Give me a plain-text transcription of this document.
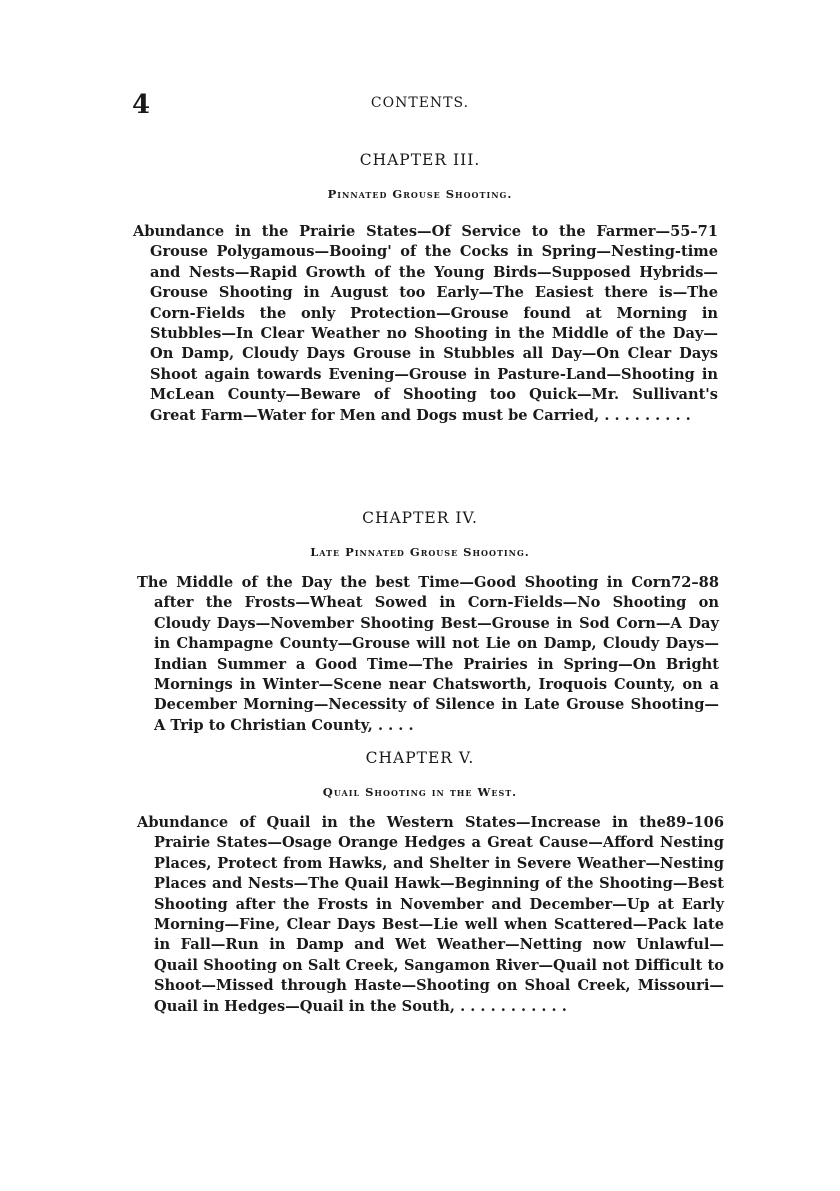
4	CONTENTS.

CHAPTER III.

Pinnated Grouse Shooting.

55–71
Abundance in the Prairie States—Of Service to the Farmer—Grouse Polygamous—Booing' of the Cocks in Spring—Nesting-time and Nests—Rapid Growth of the Young Birds—Supposed Hybrids—Grouse Shooting in August too Early—The Easiest there is—The Corn-Fields the only Protection—Grouse found at Morning in Stubbles—In Clear Weather no Shooting in the Middle of the Day—On Damp, Cloudy Days Grouse in Stubbles all Day—On Clear Days Shoot again towards Evening—Grouse in Pasture-Land—Shooting in McLean County—Beware of Shooting too Quick—Mr. Sullivant's Great Farm—Water for Men and Dogs must be Carried, . . . . . . . . .

CHAPTER IV.

Late Pinnated Grouse Shooting.

72–88
The Middle of the Day the best Time—Good Shooting in Corn after the Frosts—Wheat Sowed in Corn-Fields—No Shooting on Cloudy Days—November Shooting Best—Grouse in Sod Corn—A Day in Champagne County—Grouse will not Lie on Damp, Cloudy Days—Indian Summer a Good Time—The Prairies in Spring—On Bright Mornings in Winter—Scene near Chatsworth, Iroquois County, on a December Morning—Necessity of Silence in Late Grouse Shooting—A Trip to Christian County, . . . .

CHAPTER V.

Quail Shooting in the West.

89–106
Abundance of Quail in the Western States—Increase in the Prairie States—Osage Orange Hedges a Great Cause—Afford Nesting Places, Protect from Hawks, and Shelter in Severe Weather—Nesting Places and Nests—The Quail Hawk—Beginning of the Shooting—Best Shooting after the Frosts in November and December—Up at Early Morning—Fine, Clear Days Best—Lie well when Scattered—Pack late in Fall—Run in Damp and Wet Weather—Netting now Unlawful—Quail Shooting on Salt Creek, Sangamon River—Quail not Difficult to Shoot—Missed through Haste—Shooting on Shoal Creek, Missouri—Quail in Hedges—Quail in the South, . . . . . . . . . . .
